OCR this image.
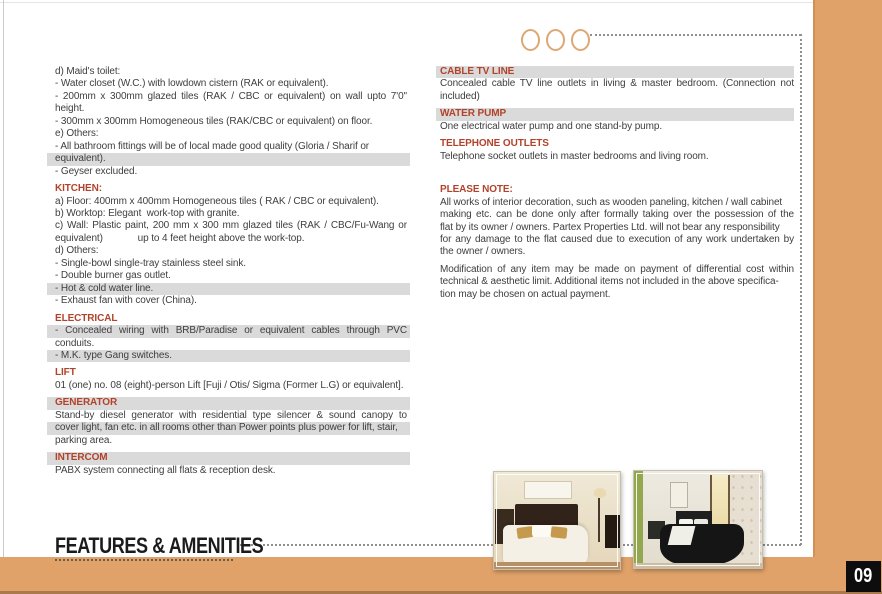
d) Maid's toilet:
- Water closet (W.C.) with lowdown cistern (RAK or equivalent).
- 200mm x 300mm glazed tiles (RAK / CBC or equivalent) on wall upto 7'0"
height.
- 300mm x 300mm Homogeneous tiles (RAK/CBC or equivalent) on floor.
e) Others:
- All bathroom fittings will be of local made good quality (Gloria / Sharif or
equivalent).
- Geyser excluded.
KITCHEN:
a) Floor: 400mm x 400mm Homogeneous tiles ( RAK / CBC or equivalent).
b) Worktop: Elegant  work-top with granite.
c) Wall: Plastic paint, 200 mm x 300 mm glazed tiles (RAK / CBC/Fu-Wang or
equivalent)             up to 4 feet height above the work-top.
d) Others:
- Single-bowl single-tray stainless steel sink.
- Double burner gas outlet.
- Hot & cold water line.
- Exhaust fan with cover (China).
ELECTRICAL
- Concealed wiring with BRB/Paradise or equivalent cables through PVC
conduits.
- M.K. type Gang switches.
LIFT
01 (one) no. 08 (eight)-person Lift [Fuji / Otis/ Sigma (Former L.G) or equivalent].
GENERATOR
Stand-by diesel generator with residential type silencer & sound canopy to
cover light, fan etc. in all rooms other than Power points plus power for lift, stair,
parking area.
INTERCOM
PABX system connecting all flats & reception desk.
CABLE TV LINE
Concealed cable TV line outlets in living & master bedroom. (Connection not
included)
WATER PUMP
One electrical water pump and one stand-by pump.
TELEPHONE OUTLETS
Telephone socket outlets in master bedrooms and living room.
PLEASE NOTE:
All works of interior decoration, such as wooden paneling, kitchen / wall cabinet
making etc. can be done only after formally taking over the possession of the
flat by its owner / owners. Partex Properties Ltd. will not bear any responsibility
for any damage to the flat caused due to execution of any work undertaken by
the owner / owners.
Modification of any item may be made on payment of differential cost within
technical & aesthetic limit. Additional items not included in the above specifica-
tion may be chosen on actual payment.
FEATURES & AMENITIES
09
